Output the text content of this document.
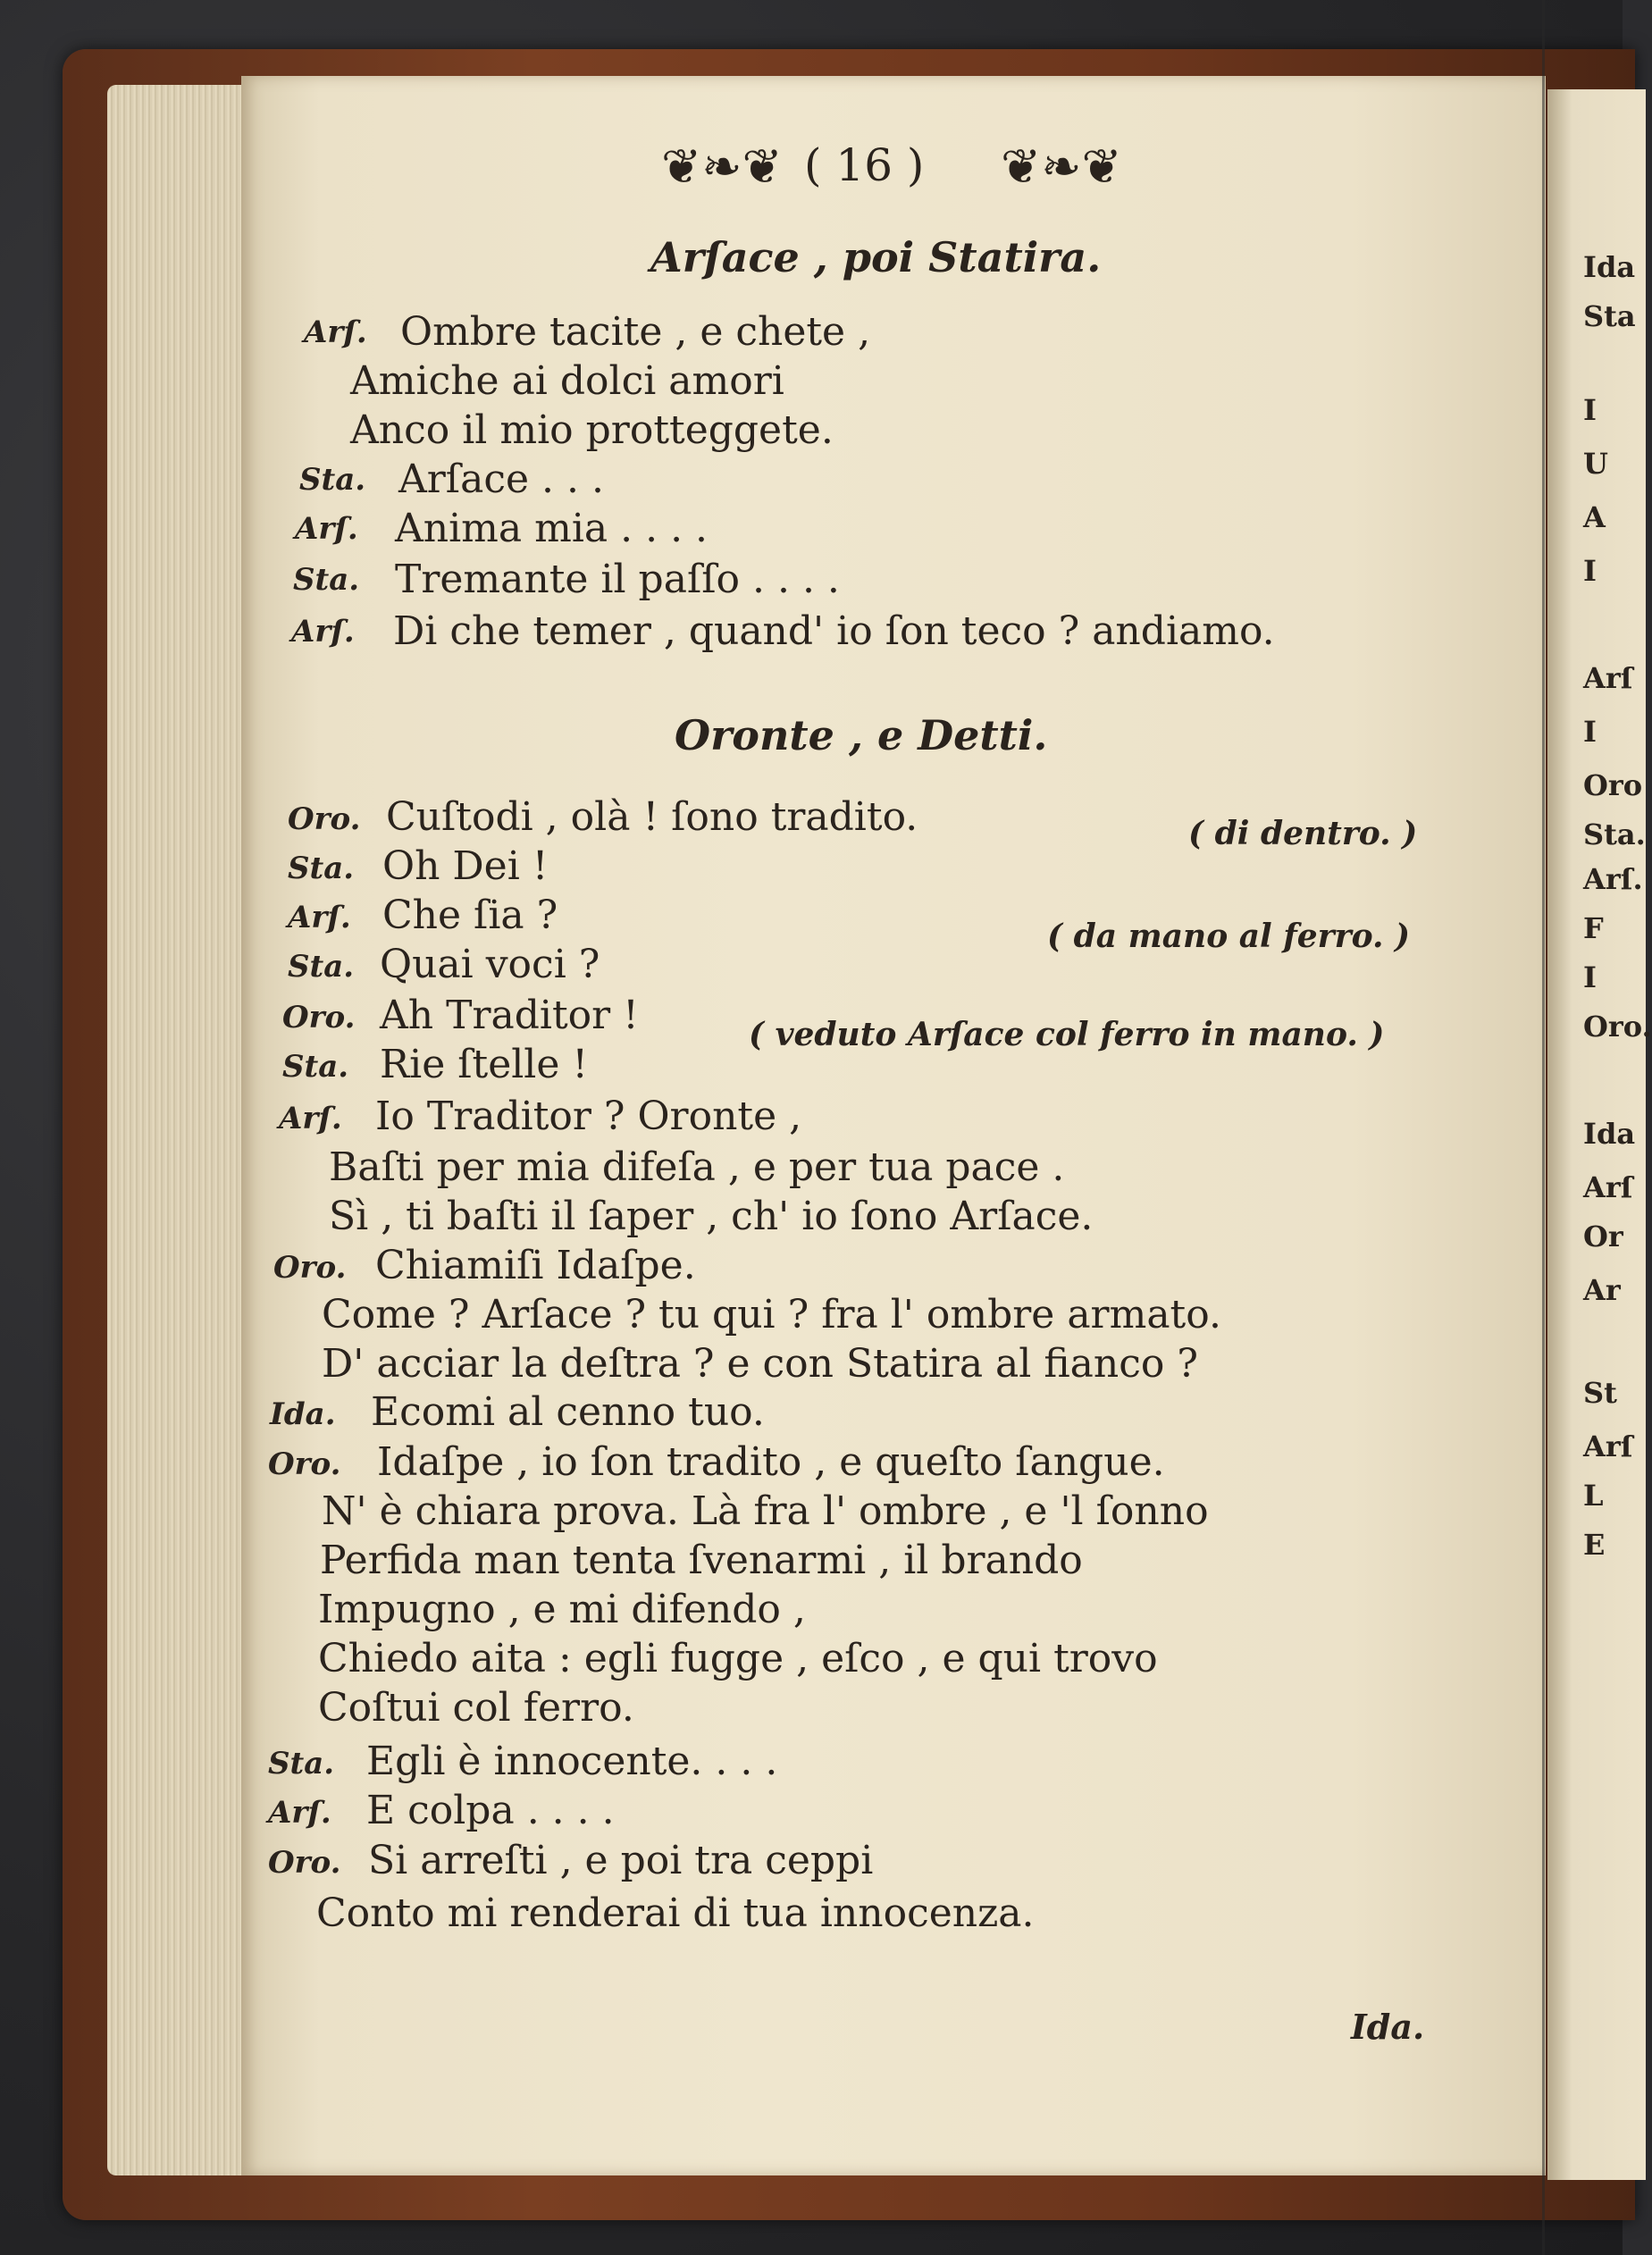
Ida
Sta
I
U
A
I
Arſ
I
Oro
Sta.
Arſ.
F
I
Oro.
Ida
Arſ
Or
Ar
St
Arſ
L
E
❦❧❦ ( 16 ) ❦❧❦
Arſace , poi Statira.
Arſ. Ombre tacite , e chete ,
Amiche ai dolci amori
Anco il mio protteggete.
Sta. Arſace . . .
Arſ. Anima mia . . . .
Sta. Tremante il paſſo . . . .
Arſ. Di che temer , quand' io ſon teco ? andiamo.
Oronte , e Detti.
Oro. Cuſtodi , olà ! ſono tradito.	( di dentro. )
Sta. Oh Dei !
Arſ. Che ſia ?	( da mano al ferro. )
Sta. Quai voci ?
Oro. Ah Traditor !	( veduto Arſace col ferro in mano. )
Sta. Rie ſtelle !
Arſ. Io Traditor ? Oronte ,
Baſti per mia difeſa , e per tua pace .
Sì , ti baſti il ſaper , ch' io ſono Arſace.
Oro. Chiamiſi Idaſpe.
Come ? Arſace ? tu qui ? fra l' ombre armato.
D' acciar la deſtra ? e con Statira al fianco ?
Ida. Ecomi al cenno tuo.
Oro. Idaſpe , io ſon tradito , e queſto ſangue.
N' è chiara prova. Là fra l' ombre , e 'l ſonno
Perfida man tenta ſvenarmi , il brando
Impugno , e mi difendo ,
Chiedo aita : egli fugge , eſco , e qui trovo
Coſtui col ferro.
Sta. Egli è innocente. . . .
Arſ. E colpa . . . .
Oro. Si arreſti , e poi tra ceppi
Conto mi renderai di tua innocenza.
Ida.
